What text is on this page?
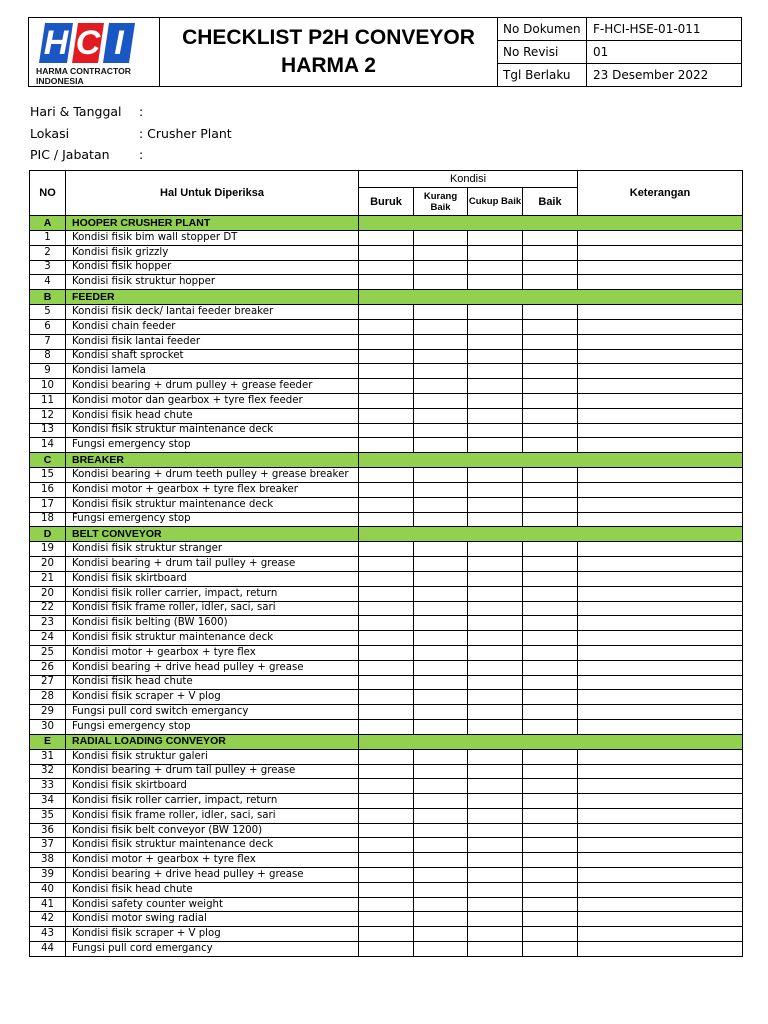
H C I
HARMA CONTRACTOR
INDONESIA
CHECKLIST P2H CONVEYOR
HARMA 2
No Dokumen	F-HCI-HSE-01-011
No Revisi	01
Tgl Berlaku	23 Desember 2022
Hari & Tanggal	:
Lokasi	: Crusher Plant
PIC / Jabatan	:
NO	Hal Untuk Diperiksa	Kondisi				Keterangan
		Buruk	Kurang Baik	Cukup Baik	Baik	
A	HOOPER CRUSHER PLANT					
1	Kondisi fisik bim wall stopper DT					
2	Kondisi fisik grizzly					
3	Kondisi fisik hopper					
4	Kondisi fisik struktur hopper					
B	FEEDER					
5	Kondisi fisik deck/ lantai feeder breaker					
6	Kondisi chain feeder					
7	Kondisi fisik lantai feeder					
8	Kondisi shaft sprocket					
9	Kondisi lamela					
10	Kondisi bearing + drum pulley + grease feeder					
11	Kondisi motor dan gearbox + tyre flex feeder					
12	Kondisi fisik head chute					
13	Kondisi fisik struktur maintenance deck					
14	Fungsi emergency stop					
C	BREAKER					
15	Kondisi bearing + drum teeth pulley + grease breaker					
16	Kondisi motor + gearbox + tyre flex breaker					
17	Kondisi fisik struktur maintenance deck					
18	Fungsi emergency stop					
D	BELT CONVEYOR					
19	Kondisi fisik struktur stranger					
20	Kondisi bearing + drum tail pulley + grease					
21	Kondisi fisik skirtboard					
20	Kondisi fisik roller carrier, impact, return					
22	Kondisi fisik frame roller, idler, saci, sari					
23	Kondisi fisik belting (BW 1600)					
24	Kondisi fisik struktur maintenance deck					
25	Kondisi motor + gearbox + tyre flex					
26	Kondisi bearing + drive head pulley + grease					
27	Kondisi fisik head chute					
28	Kondisi fisik scraper + V plog					
29	Fungsi pull cord switch emergancy					
30	Fungsi emergency stop					
E	RADIAL LOADING CONVEYOR					
31	Kondisi fisik struktur galeri					
32	Kondisi bearing + drum tail pulley + grease					
33	Kondisi fisik skirtboard					
34	Kondisi fisik roller carrier, impact, return					
35	Kondisi fisik frame roller, idler, saci, sari					
36	Kondisi fisik belt conveyor (BW 1200)					
37	Kondisi fisik struktur maintenance deck					
38	Kondisi motor + gearbox + tyre flex					
39	Kondisi bearing + drive head pulley + grease					
40	Kondisi fisik head chute					
41	Kondisi safety counter weight					
42	Kondisi motor swing radial					
43	Kondisi fisik scraper + V plog					
44	Fungsi pull cord emergancy					
